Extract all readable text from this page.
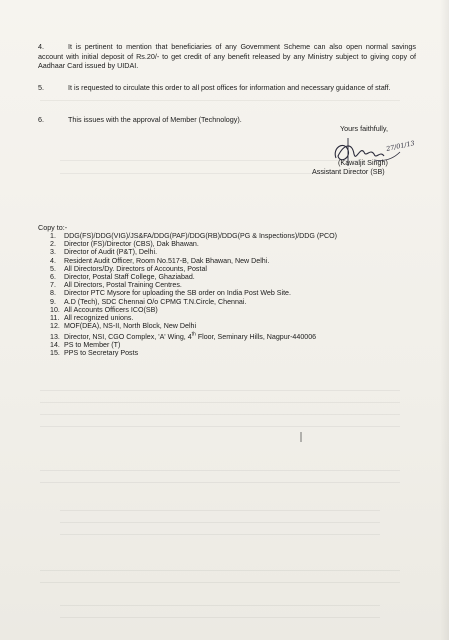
4.	It is pertinent to mention that beneficiaries of any Government Scheme can also open normal savings account with initial deposit of Rs.20/- to get credit of any benefit released by any Ministry subject to giving copy of Aadhaar Card issued by UIDAI.
5.	It is requested to circulate this order to all post offices for information and necessary guidance of staff.
6.	This issues with the approval of Member (Technology).
Yours faithfully,
27/01/13
(Kawaljit Singh)
Assistant Director (SB)
Copy to:-
1. DDG(FS)/DDG(VIG)/JS&FA/DDG(PAF)/DDG(RB)/DDG(PG & Inspections)/DDG (PCO)
2. Director (FS)/Director (CBS), Dak Bhawan.
3. Director of Audit (P&T), Delhi.
4. Resident Audit Officer, Room No.517-B, Dak Bhawan, New Delhi.
5. All Directors/Dy. Directors of Accounts, Postal
6. Director, Postal Staff College, Ghaziabad.
7. All Directors, Postal Training Centres.
8. Director PTC Mysore for uploading the SB order on India Post Web Site.
9. A.D (Tech), SDC Chennai O/o CPMG T.N.Circle, Chennai.
10. All Accounts Officers ICO(SB)
11. All recognized unions.
12. MOF(DEA), NS-II, North Block, New Delhi
13. Director, NSI, CGO Complex, 'A' Wing, 4th Floor, Seminary Hills, Nagpur-440006
14. PS to Member (T)
15. PPS to Secretary Posts
